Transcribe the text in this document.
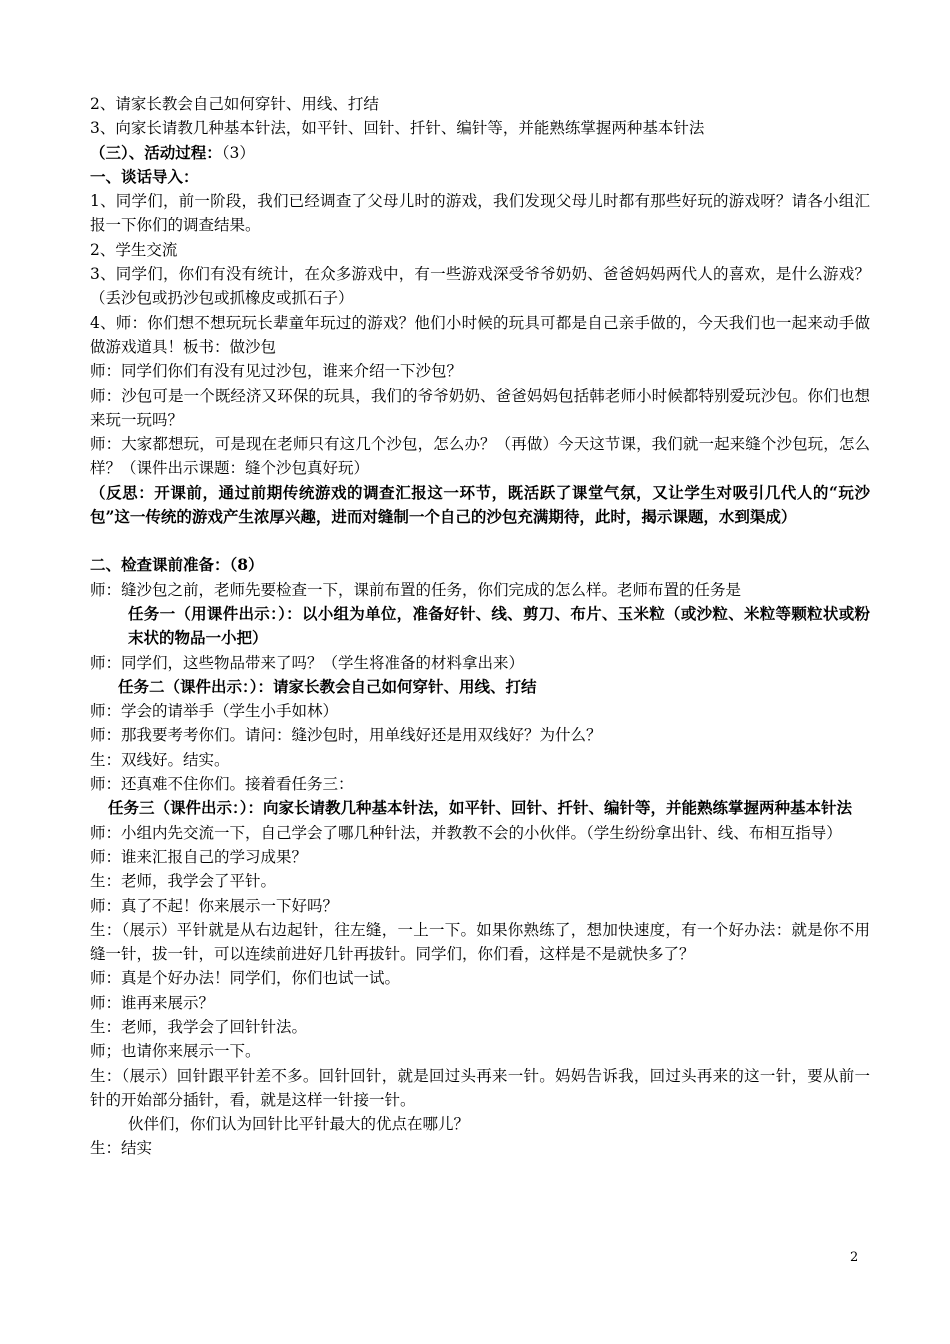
2、请家长教会自己如何穿针、用线、打结
3、向家长请教几种基本针法，如平针、回针、扦针、编针等，并能熟练掌握两种基本针法
（三）、活动过程：（3）
一、谈话导入：
1、同学们，前一阶段，我们已经调查了父母儿时的游戏，我们发现父母儿时都有那些好玩的游戏呀？请各小组汇报一下你们的调查结果。
2、学生交流
3、同学们，你们有没有统计，在众多游戏中，有一些游戏深受爷爷奶奶、爸爸妈妈两代人的喜欢，是什么游戏？（丢沙包或扔沙包或抓橡皮或抓石子）
4、师：你们想不想玩玩长辈童年玩过的游戏？他们小时候的玩具可都是自己亲手做的，今天我们也一起来动手做做游戏道具！板书：做沙包
师：同学们你们有没有见过沙包，谁来介绍一下沙包？
师：沙包可是一个既经济又环保的玩具，我们的爷爷奶奶、爸爸妈妈包括韩老师小时候都特别爱玩沙包。你们也想来玩一玩吗？
师：大家都想玩，可是现在老师只有这几个沙包，怎么办？（再做）今天这节课，我们就一起来缝个沙包玩，怎么样？（课件出示课题：缝个沙包真好玩）
（反思：开课前，通过前期传统游戏的调查汇报这一环节，既活跃了课堂气氛，又让学生对吸引几代人的“玩沙包”这一传统的游戏产生浓厚兴趣，进而对缝制一个自己的沙包充满期待，此时，揭示课题，水到渠成）
二、检查课前准备：（8）
师：缝沙包之前，老师先要检查一下，课前布置的任务，你们完成的怎么样。老师布置的任务是
任务一（用课件出示：）：以小组为单位，准备好针、线、剪刀、布片、玉米粒（或沙粒、米粒等颗粒状或粉末状的物品一小把）
师：同学们，这些物品带来了吗？（学生将准备的材料拿出来）
任务二（课件出示：）：请家长教会自己如何穿针、用线、打结
师：学会的请举手（学生小手如林）
师：那我要考考你们。请问：缝沙包时，用单线好还是用双线好？为什么？
生：双线好。结实。
师：还真难不住你们。接着看任务三：
任务三（课件出示：）：向家长请教几种基本针法，如平针、回针、扦针、编针等，并能熟练掌握两种基本针法
师：小组内先交流一下，自己学会了哪几种针法，并教教不会的小伙伴。（学生纷纷拿出针、线、布相互指导）
师：谁来汇报自己的学习成果？
生：老师，我学会了平针。
师：真了不起！你来展示一下好吗？
生：（展示）平针就是从右边起针，往左缝，一上一下。如果你熟练了，想加快速度，有一个好办法：就是你不用缝一针，拔一针，可以连续前进好几针再拔针。同学们，你们看，这样是不是就快多了？
师：真是个好办法！同学们，你们也试一试。
师：谁再来展示？
生：老师，我学会了回针针法。
师；也请你来展示一下。
生：（展示）回针跟平针差不多。回针回针，就是回过头再来一针。妈妈告诉我，回过头再来的这一针，要从前一针的开始部分插针，看，就是这样一针接一针。
伙伴们，你们认为回针比平针最大的优点在哪儿？
生：结实
2
